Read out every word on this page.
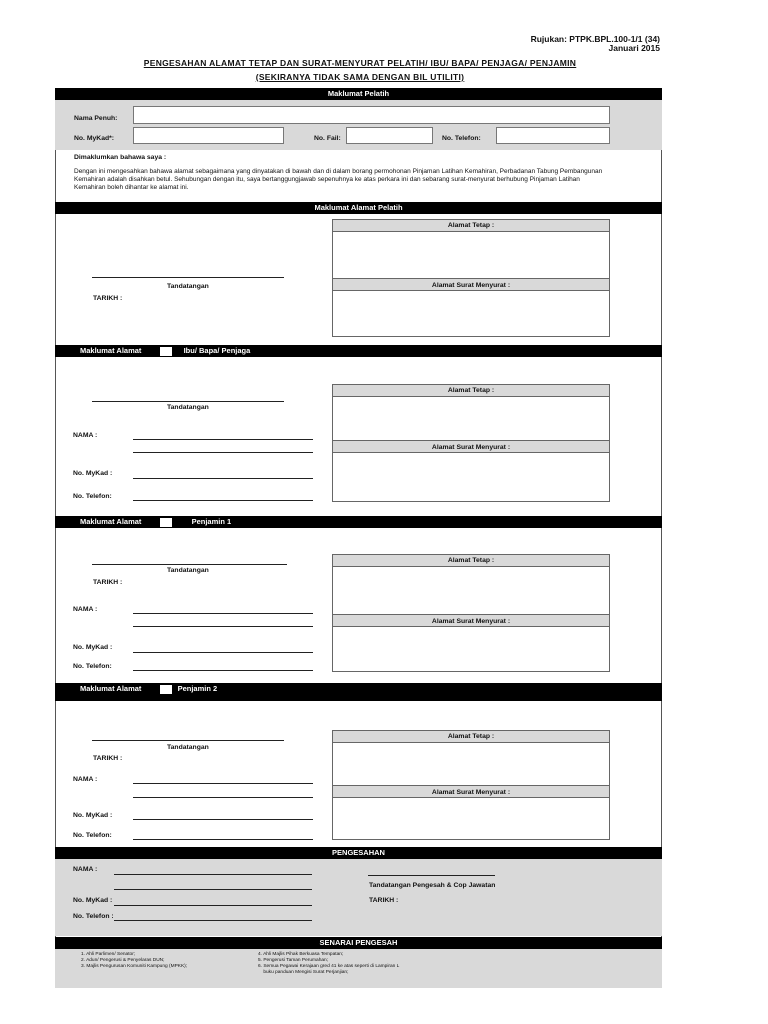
Rujukan: PTPK.BPL.100-1/1 (34)
Januari 2015
PENGESAHAN ALAMAT TETAP DAN SURAT-MENYURAT PELATIH/ IBU/ BAPA/ PENJAGA/ PENJAMIN
(SEKIRANYA TIDAK SAMA DENGAN BIL UTILITI)
Maklumat Pelatih
Nama Penuh:
No. MyKad*:	No. Fail:	No. Telefon:
Dimaklumkan bahawa saya :
Dengan ini mengesahkan bahawa alamat sebagaimana yang dinyatakan di bawah dan di dalam borang permohonan Pinjaman Latihan Kemahiran, Perbadanan Tabung Pembangunan Kemahiran adalah disahkan betul. Sehubungan dengan itu, saya bertanggungjawab sepenuhnya ke atas perkara ini dan sebarang surat-menyurat berhubung Pinjaman Latihan Kemahiran boleh dihantar ke alamat ini.
Maklumat Alamat Pelatih
Tandatangan
TARIKH :
Alamat Tetap :
Alamat Surat Menyurat :
Maklumat Alamat	Ibu/ Bapa/ Penjaga
Tandatangan
NAMA :
No. MyKad :
No. Telefon:
Alamat Tetap :
Alamat Surat Menyurat :
Maklumat Alamat	Penjamin 1
Tandatangan
TARIKH :
NAMA :
No. MyKad :
No. Telefon:
Alamat Tetap :
Alamat Surat Menyurat :
Maklumat Alamat	Penjamin 2
Tandatangan
TARIKH :
NAMA :
No. MyKad :
No. Telefon:
Alamat Tetap :
Alamat Surat Menyurat :
PENGESAHAN
NAMA :
No. MyKad :
No. Telefon :
Tandatangan Pengesah & Cop Jawatan
TARIKH :
SENARAI PENGESAH
1. Ahli Parlimen/ Senator;
2. Adun/ Pengerusi & Penyelaras DUN;
3. Majlis Pengurusan Komuniti Kampung (MPKK);
4. Ahli Majlis Pihak Berkuasa Tempatan;
5. Pengerusi Taman Perumahan;
6. Semua Pegawai Kerajaan gred 41 ke atas seperti di Lampiran L
buku panduan Mengisi Surat Perjanjian;
